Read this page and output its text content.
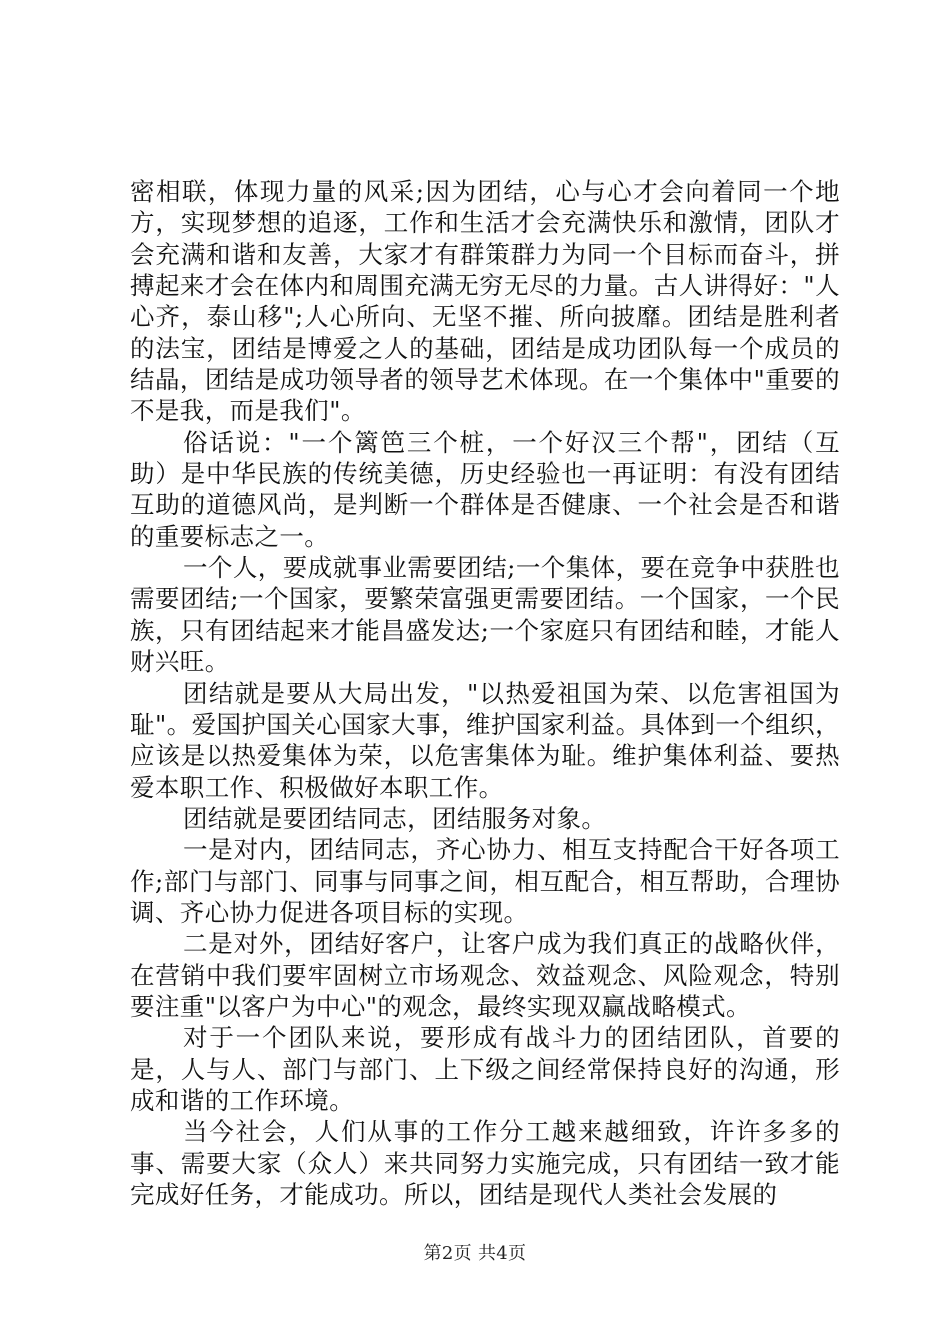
密相联，体现力量的风采;因为团结，心与心才会向着同一个地方，实现梦想的追逐，工作和生活才会充满快乐和激情，团队才会充满和谐和友善，大家才有群策群力为同一个目标而奋斗，拼搏起来才会在体内和周围充满无穷无尽的力量。古人讲得好："人心齐，泰山移";人心所向、无坚不摧、所向披靡。团结是胜利者的法宝，团结是博爱之人的基础，团结是成功团队每一个成员的结晶，团结是成功领导者的领导艺术体现。在一个集体中"重要的不是我，而是我们"。

俗话说："一个篱笆三个桩，一个好汉三个帮"，团结（互助）是中华民族的传统美德，历史经验也一再证明：有没有团结互助的道德风尚，是判断一个群体是否健康、一个社会是否和谐的重要标志之一。

一个人，要成就事业需要团结;一个集体，要在竞争中获胜也需要团结;一个国家，要繁荣富强更需要团结。一个国家，一个民族，只有团结起来才能昌盛发达;一个家庭只有团结和睦，才能人财兴旺。

团结就是要从大局出发，"以热爱祖国为荣、以危害祖国为耻"。爱国护国关心国家大事，维护国家利益。具体到一个组织，应该是以热爱集体为荣，以危害集体为耻。维护集体利益、要热爱本职工作、积极做好本职工作。

团结就是要团结同志，团结服务对象。

一是对内，团结同志，齐心协力、相互支持配合干好各项工作;部门与部门、同事与同事之间，相互配合，相互帮助，合理协调、齐心协力促进各项目标的实现。

二是对外，团结好客户，让客户成为我们真正的战略伙伴，在营销中我们要牢固树立市场观念、效益观念、风险观念，特别要注重"以客户为中心"的观念，最终实现双赢战略模式。

对于一个团队来说，要形成有战斗力的团结团队，首要的是，人与人、部门与部门、上下级之间经常保持良好的沟通，形成和谐的工作环境。

当今社会，人们从事的工作分工越来越细致，许许多多的事、需要大家（众人）来共同努力实施完成，只有团结一致才能完成好任务，才能成功。所以，团结是现代人类社会发展的

第2页 共4页
